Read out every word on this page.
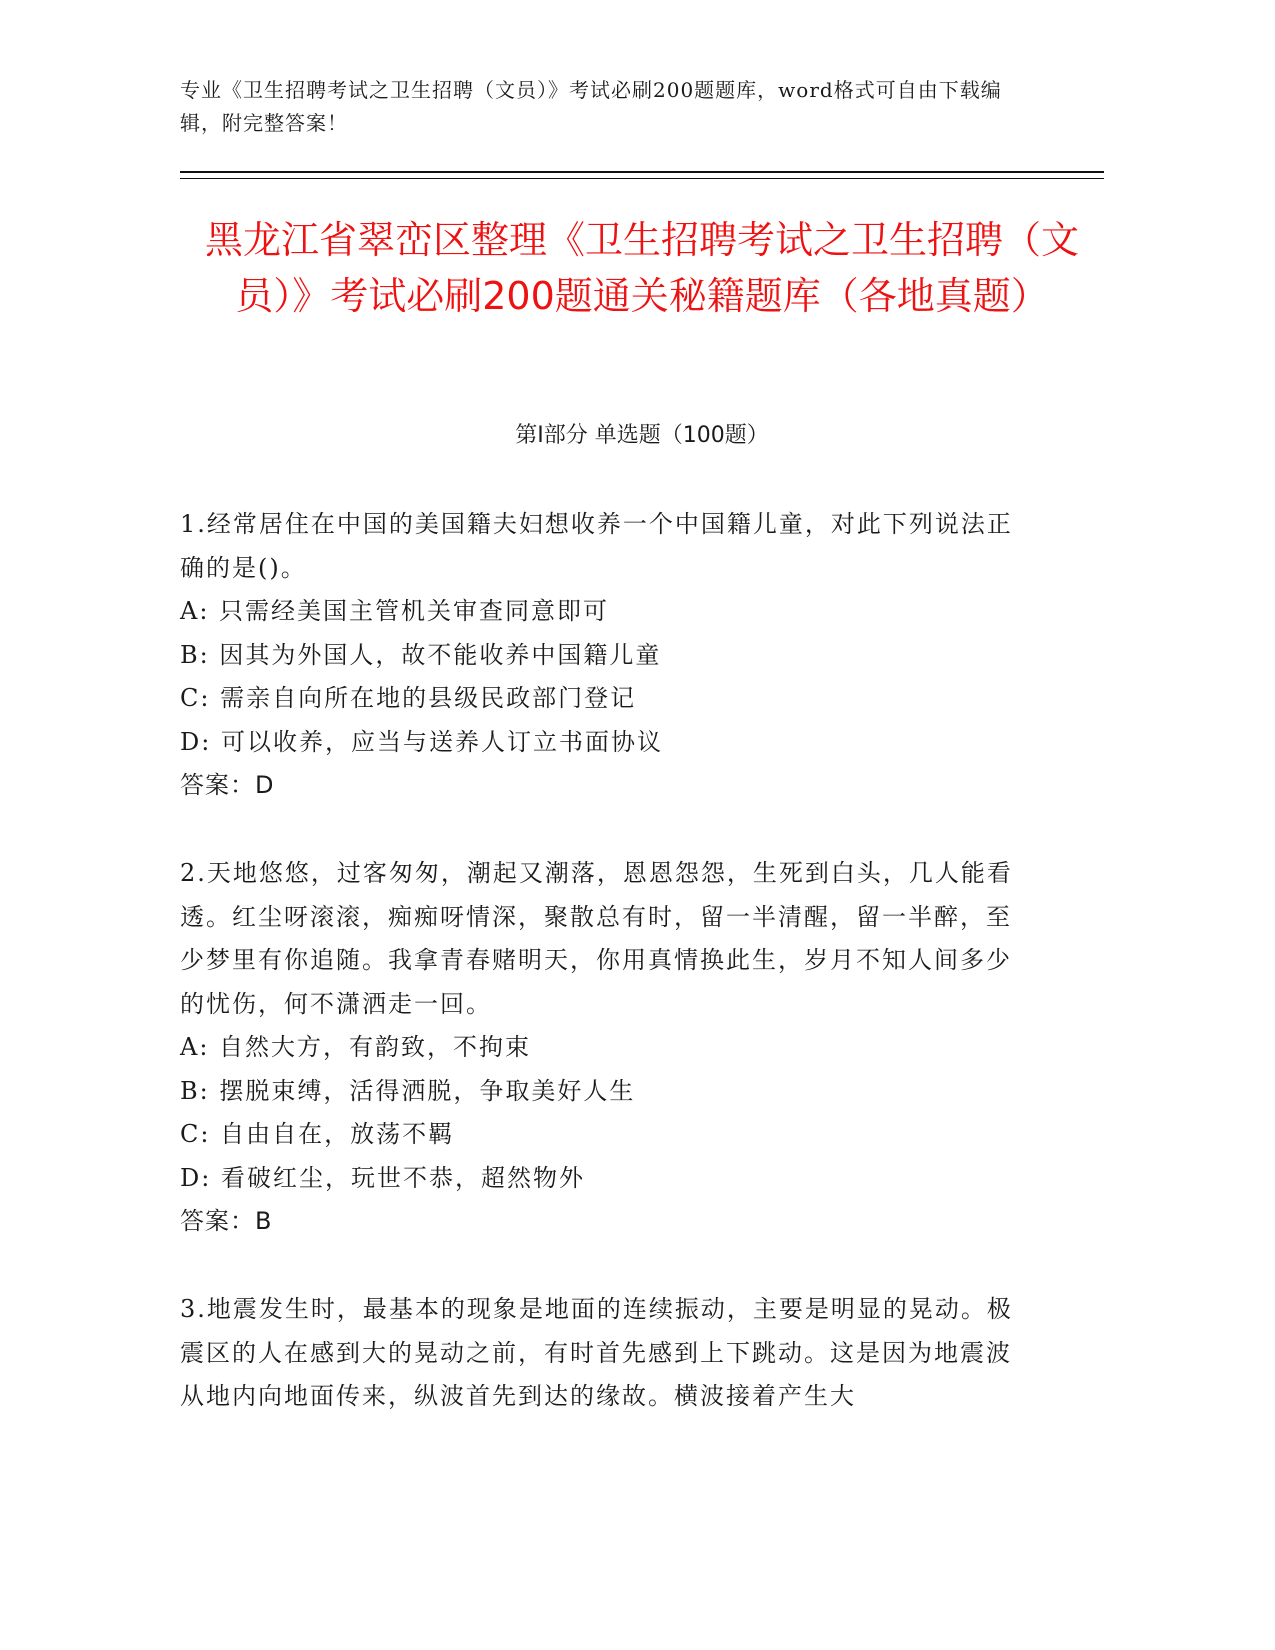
专业《卫生招聘考试之卫生招聘（文员）》考试必刷200题题库，word格式可自由下载编辑，附完整答案！
黑龙江省翠峦区整理《卫生招聘考试之卫生招聘（文员）》考试必刷200题通关秘籍题库（各地真题）
第I部分 单选题（100题）

1.经常居住在中国的美国籍夫妇想收养一个中国籍儿童，对此下列说法正确的是()。

A: 只需经美国主管机关审查同意即可

B: 因其为外国人，故不能收养中国籍儿童

C: 需亲自向所在地的县级民政部门登记

D: 可以收养，应当与送养人订立书面协议

答案：D

2.天地悠悠，过客匆匆，潮起又潮落，恩恩怨怨，生死到白头，几人能看透。红尘呀滚滚，痴痴呀情深，聚散总有时，留一半清醒，留一半醉，至少梦里有你追随。我拿青春赌明天，你用真情换此生，岁月不知人间多少的忧伤，何不潇洒走一回。

A: 自然大方，有韵致，不拘束

B: 摆脱束缚，活得洒脱，争取美好人生

C: 自由自在，放荡不羁

D: 看破红尘，玩世不恭，超然物外

答案：B

3.地震发生时，最基本的现象是地面的连续振动，主要是明显的晃动。极震区的人在感到大的晃动之前，有时首先感到上下跳动。这是因为地震波从地内向地面传来，纵波首先到达的缘故。横波接着产生大
